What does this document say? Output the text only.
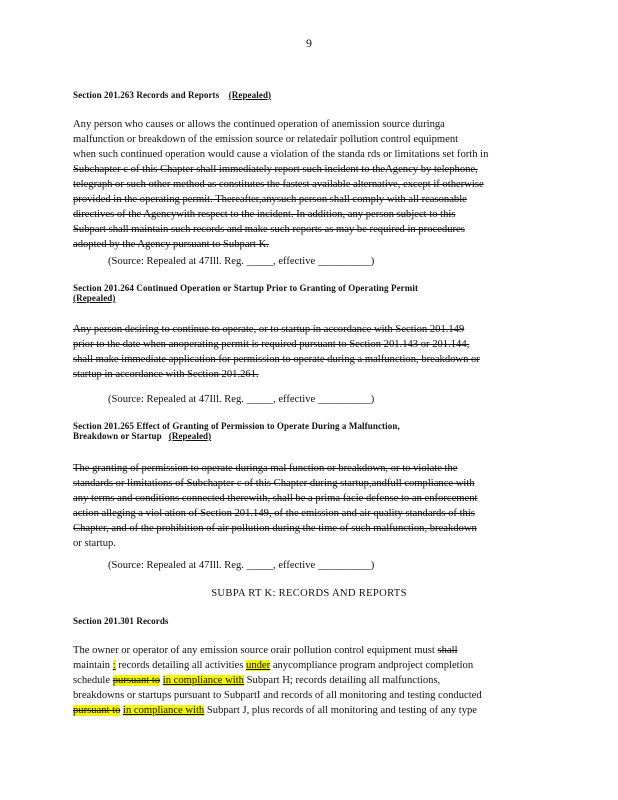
9
Section 201.263 Records and Reports (Repealed)
Any person who causes or allows the continued operation of anemission source duringa
malfunction or breakdown of the emission source or relatedair pollution control equipment
when such continued operation would cause a violation of the standa rds or limitations set forth in
Subchapter c of this Chapter shall immediately report such incident to theAgency by telephone,
telegraph or such other method as constitutes the fastest available alternative, except if otherwise
provided in the operating permit. Thereafter,anysuch person shall comply with all reasonable
directives of the Agencywith respect to the incident. In addition, any person subject to this
Subpart shall maintain such records and make such reports as may be required in procedures
adopted by the Agency pursuant to Subpart K.
(Source: Repealed at 47Ill. Reg. _____, effective __________)
Section 201.264 Continued Operation or Startup Prior to Granting of Operating Permit
(Repealed)
Any person desiring to continue to operate, or to startup in accordance with Section 201.149
prior to the date when anoperating permit is required pursuant to Section 201.143 or 201.144,
shall make immediate application for permission to operate during a malfunction, breakdown or
startup in accordance with Section 201.261.
(Source: Repealed at 47Ill. Reg. _____, effective __________)
Section 201.265 Effect of Granting of Permission to Operate During a Malfunction,
Breakdown or Startup (Repealed)
The granting of permission to operate duringa mal function or breakdown, or to violate the
standards or limitations of Subchapter c of this Chapter during startup,andfull compliance with
any terms and conditions connected therewith, shall be a prima facie defense to an enforcement
action alleging a viol ation of Section 201.149, of the emission and air quality standards of this
Chapter, and of the prohibition of air pollution during the time of such malfunction, breakdown
or startup.
(Source: Repealed at 47Ill. Reg. _____, effective __________)
SUBPA RT K: RECORDS AND REPORTS
Section 201.301 Records
The owner or operator of any emission source orair pollution control equipment must shall
maintain : records detailing all activities under anycompliance program andproject completion
schedule pursuant to in compliance with Subpart H; records detailing all malfunctions,
breakdowns or startups pursuant to SubpartI and records of all monitoring and testing conducted
pursuant to in compliance with Subpart J, plus records of all monitoring and testing of any type
